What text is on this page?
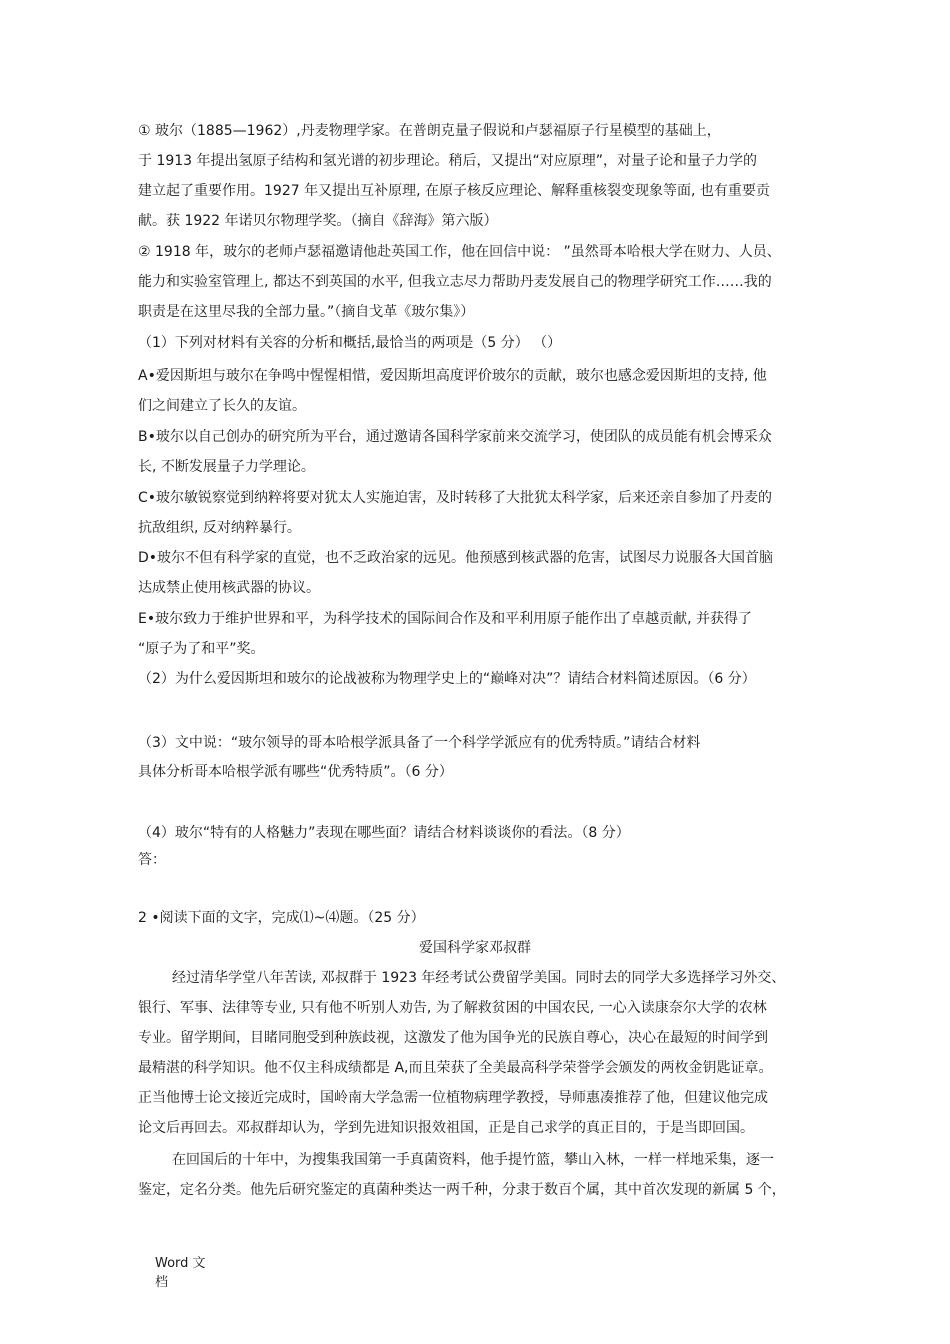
① 玻尔（1885—1962）,丹麦物理学家。在普朗克量子假说和卢瑟福原子行星模型的基础上，
于 1913 年提出氢原子结构和氢光谱的初步理论。稍后，又提出“对应原理”，对量子论和量子力学的
建立起了重要作用。1927 年又提出互补原理, 在原子核反应理论、解释重核裂变现象等面, 也有重要贡
献。获 1922 年诺贝尔物理学奖。（摘自《辞海》第六版）
② 1918 年，玻尔的老师卢瑟福邀请他赴英国工作，他在回信中说： ”虽然哥本哈根大学在财力、人员、
能力和实验室管理上, 都达不到英国的水平, 但我立志尽力帮助丹麦发展自己的物理学研究工作……我的
职责是在这里尽我的全部力量。”（摘自戈革《玻尔集》）
（1）下列对材料有关容的分析和概括,最恰当的两项是（5 分） （）
A•爱因斯坦与玻尔在争鸣中惺惺相惜，爱因斯坦高度评价玻尔的贡献，玻尔也感念爱因斯坦的支持, 他
们之间建立了长久的友谊。
B•玻尔以自己创办的研究所为平台，通过邀请各国科学家前来交流学习，使团队的成员能有机会博采众
长, 不断发展量子力学理论。
C•玻尔敏锐察觉到纳粹将要对犹太人实施迫害，及时转移了大批犹太科学家，后来还亲自参加了丹麦的
抗敌组织, 反对纳粹暴行。
D•玻尔不但有科学家的直觉，也不乏政治家的远见。他预感到核武器的危害，试图尽力说服各大国首脑
达成禁止使用核武器的协议。
E•玻尔致力于维护世界和平，为科学技术的国际间合作及和平利用原子能作出了卓越贡献, 并获得了
“原子为了和平”奖。
（2）为什么爱因斯坦和玻尔的论战被称为物理学史上的“巅峰对决”？请结合材料简述原因。（6 分）
（3）文中说：“玻尔领导的哥本哈根学派具备了一个科学学派应有的优秀特质。”请结合材料
具体分析哥本哈根学派有哪些“优秀特质”。（6 分）
（4）玻尔“特有的人格魅力”表现在哪些面？请结合材料谈谈你的看法。（8 分）
答：
2 •阅读下面的文字，完成⑴~⑷题。（25 分）
爱国科学家邓叔群
经过清华学堂八年苦读, 邓叔群于 1923 年经考试公费留学美国。同时去的同学大多选择学习外交、
银行、军事、法律等专业, 只有他不听别人劝告, 为了解救贫困的中国农民, 一心入读康奈尔大学的农林
专业。留学期间，目睹同胞受到种族歧视，这激发了他为国争光的民族自尊心，决心在最短的时间学到
最精湛的科学知识。他不仅主科成绩都是 A,而且荣获了全美最高科学荣誉学会颁发的两枚金钥匙证章。
正当他博士论文接近完成时，国岭南大学急需一位植物病理学教授，导师惠凑推荐了他，但建议他完成
论文后再回去。邓叔群却认为，学到先进知识报效祖国，正是自己求学的真正目的，于是当即回国。
在回国后的十年中，为搜集我国第一手真菌资料，他手提竹篮，攀山入林，一样一样地采集，逐一
鉴定，定名分类。他先后研究鉴定的真菌种类达一两千种，分隶于数百个属，其中首次发现的新属 5 个，
Word 文
档
